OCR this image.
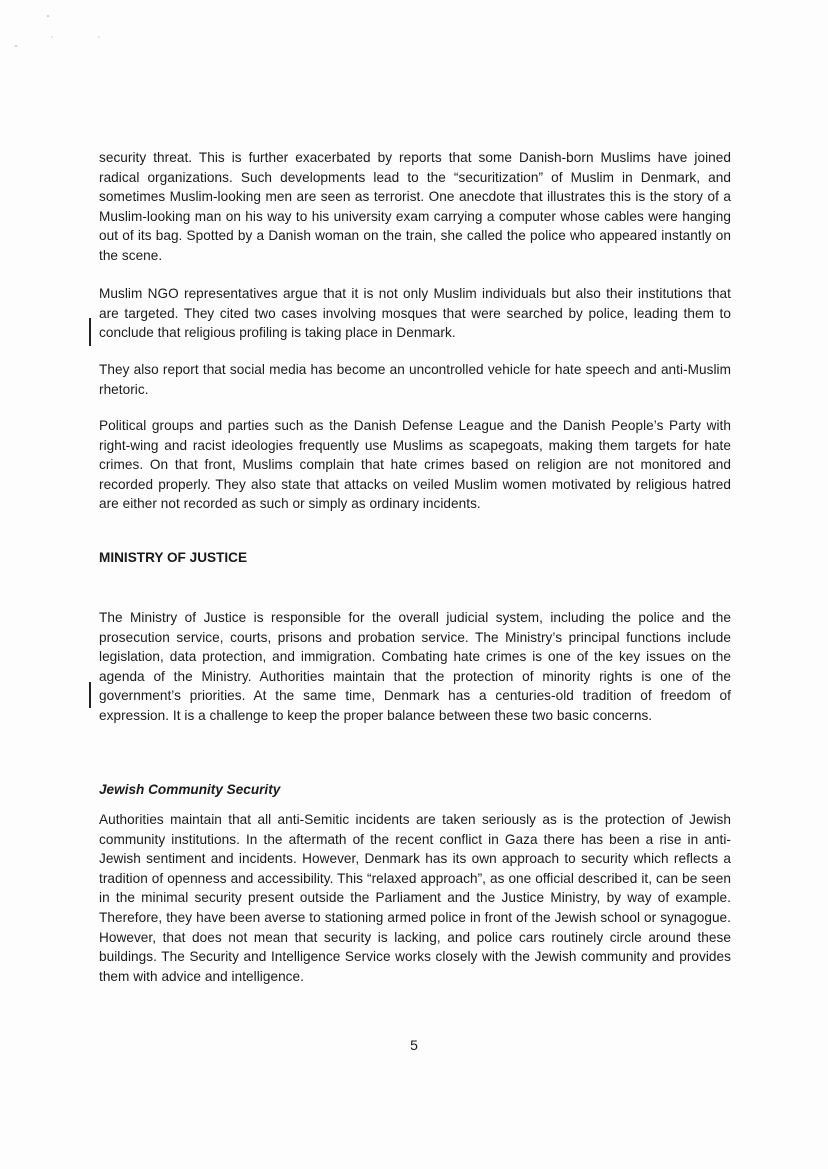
security threat. This is further exacerbated by reports that some Danish-born Muslims have joined radical organizations. Such developments lead to the “securitization” of Muslim in Denmark, and sometimes Muslim-looking men are seen as terrorist. One anecdote that illustrates this is the story of a Muslim-looking man on his way to his university exam carrying a computer whose cables were hanging out of its bag. Spotted by a Danish woman on the train, she called the police who appeared instantly on the scene.

Muslim NGO representatives argue that it is not only Muslim individuals but also their institutions that are targeted. They cited two cases involving mosques that were searched by police, leading them to conclude that religious profiling is taking place in Denmark.

They also report that social media has become an uncontrolled vehicle for hate speech and anti-Muslim rhetoric.

Political groups and parties such as the Danish Defense League and the Danish People’s Party with right-wing and racist ideologies frequently use Muslims as scapegoats, making them targets for hate crimes. On that front, Muslims complain that hate crimes based on religion are not monitored and recorded properly. They also state that attacks on veiled Muslim women motivated by religious hatred are either not recorded as such or simply as ordinary incidents.

MINISTRY OF JUSTICE

The Ministry of Justice is responsible for the overall judicial system, including the police and the prosecution service, courts, prisons and probation service. The Ministry’s principal functions include legislation, data protection, and immigration. Combating hate crimes is one of the key issues on the agenda of the Ministry. Authorities maintain that the protection of minority rights is one of the government’s priorities. At the same time, Denmark has a centuries-old tradition of freedom of expression. It is a challenge to keep the proper balance between these two basic concerns.

Jewish Community Security

Authorities maintain that all anti-Semitic incidents are taken seriously as is the protection of Jewish community institutions. In the aftermath of the recent conflict in Gaza there has been a rise in anti-Jewish sentiment and incidents. However, Denmark has its own approach to security which reflects a tradition of openness and accessibility. This “relaxed approach”, as one official described it, can be seen in the minimal security present outside the Parliament and the Justice Ministry, by way of example. Therefore, they have been averse to stationing armed police in front of the Jewish school or synagogue. However, that does not mean that security is lacking, and police cars routinely circle around these buildings. The Security and Intelligence Service works closely with the Jewish community and provides them with advice and intelligence.

5
